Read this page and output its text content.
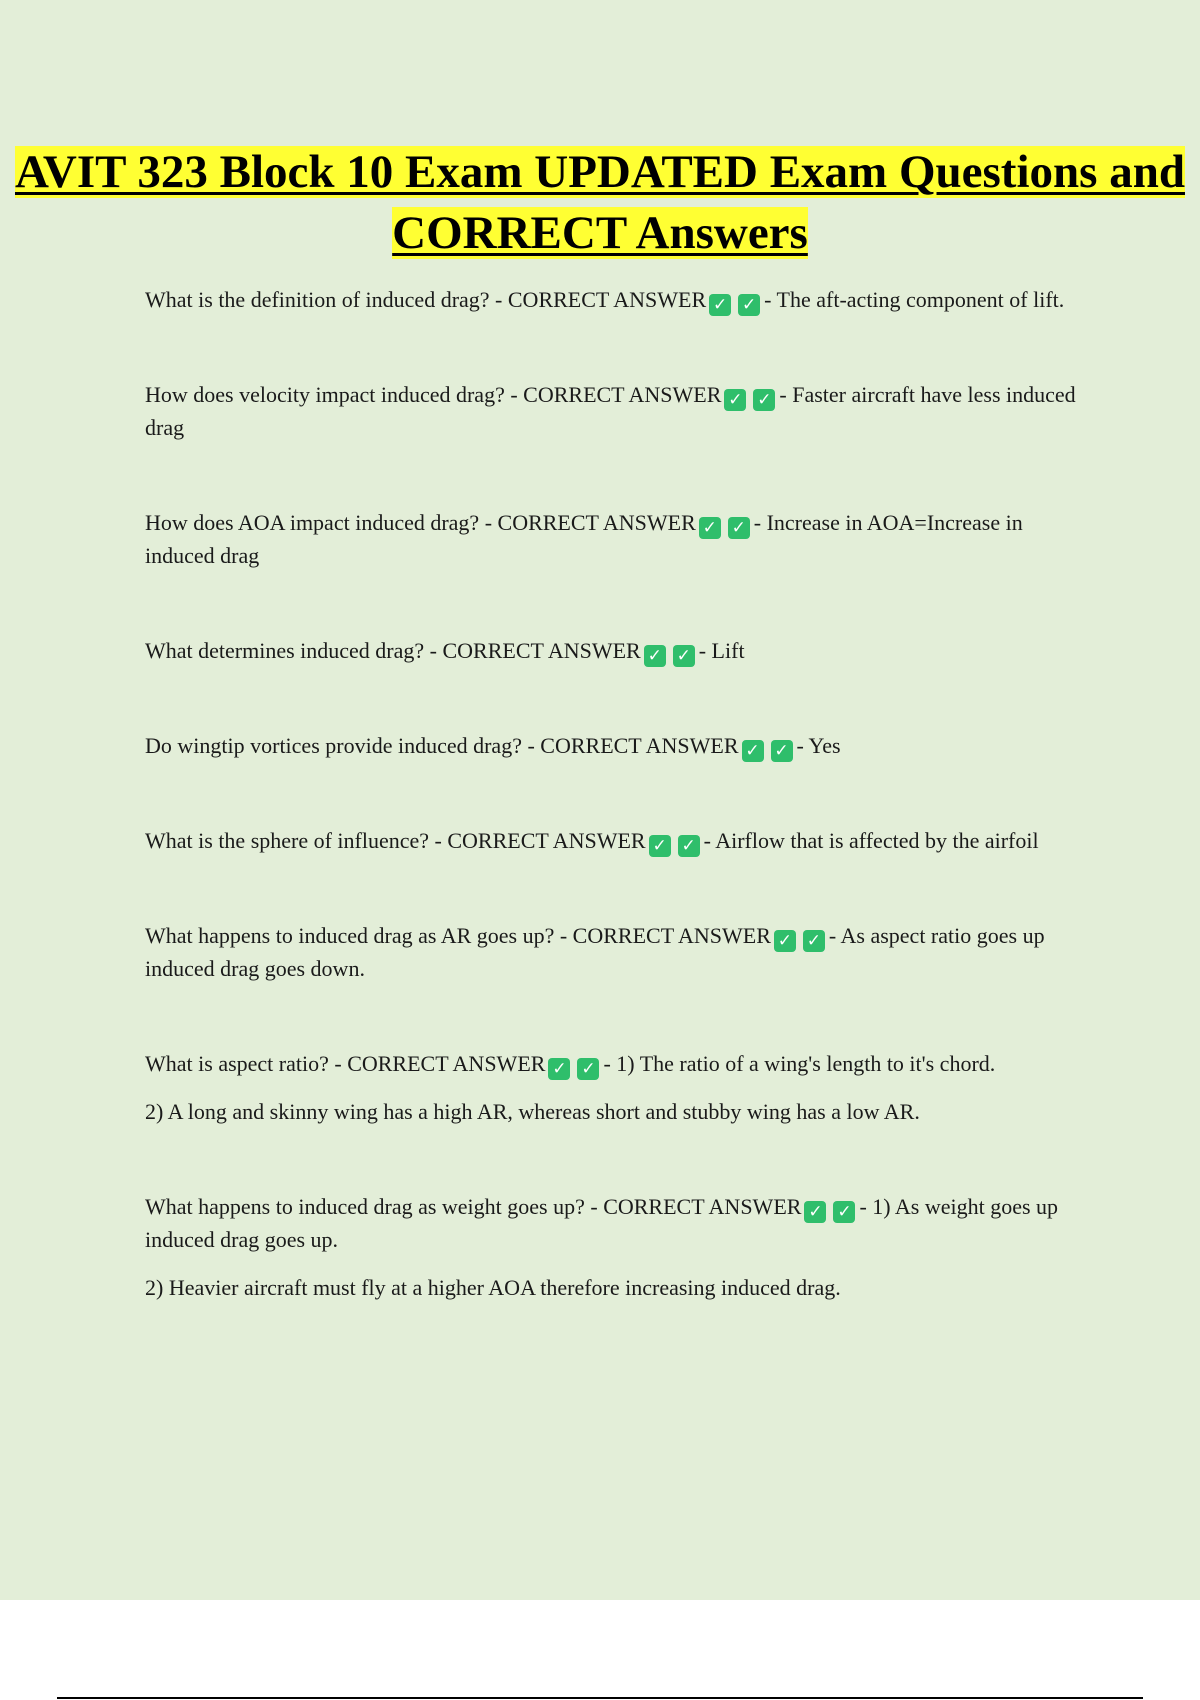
AVIT 323 Block 10 Exam UPDATED Exam Questions and CORRECT Answers

What is the definition of induced drag? - CORRECT ANSWER ✓ ✓ - The aft-acting component of lift.

How does velocity impact induced drag? - CORRECT ANSWER ✓ ✓ - Faster aircraft have less induced drag

How does AOA impact induced drag? - CORRECT ANSWER ✓ ✓ - Increase in AOA=Increase in induced drag

What determines induced drag? - CORRECT ANSWER ✓ ✓ - Lift

Do wingtip vortices provide induced drag? - CORRECT ANSWER ✓ ✓ - Yes

What is the sphere of influence? - CORRECT ANSWER ✓ ✓ - Airflow that is affected by the airfoil

What happens to induced drag as AR goes up? - CORRECT ANSWER ✓ ✓ - As aspect ratio goes up induced drag goes down.

What is aspect ratio? - CORRECT ANSWER ✓ ✓ - 1) The ratio of a wing's length to it's chord.

2) A long and skinny wing has a high AR, whereas short and stubby wing has a low AR.

What happens to induced drag as weight goes up? - CORRECT ANSWER ✓ ✓ - 1) As weight goes up induced drag goes up.

2) Heavier aircraft must fly at a higher AOA therefore increasing induced drag.
